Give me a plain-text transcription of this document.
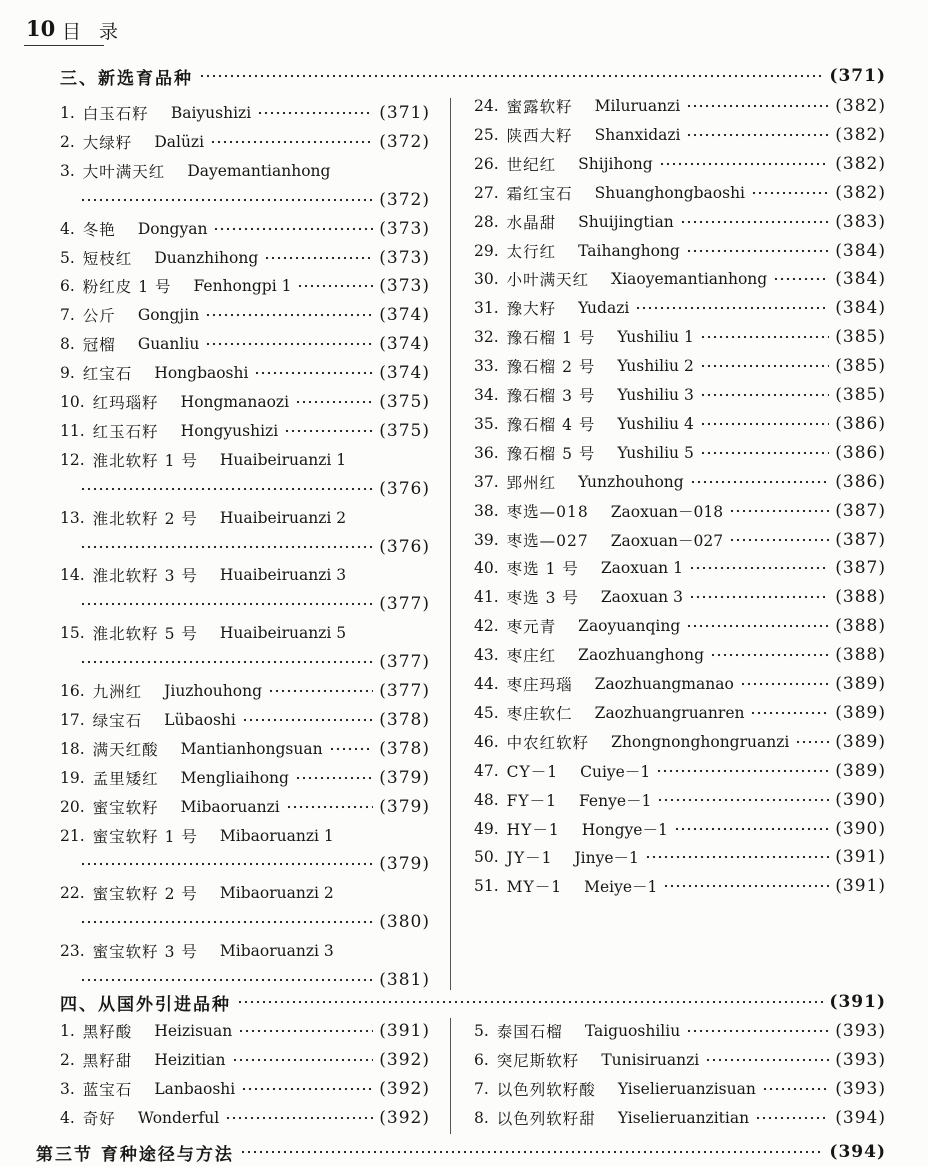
10 目录
三、新选育品种	(371)
1. 白玉石籽 Baiyushizi	(371)
2. 大绿籽 Dalüzi	(372)
3. 大叶满天红 Dayemantianhong
(372)
4. 冬艳 Dongyan	(373)
5. 短枝红 Duanzhihong	(373)
6. 粉红皮 1 号 Fenhongpi 1	(373)
7. 公斤 Gongjin	(374)
8. 冠榴 Guanliu	(374)
9. 红宝石 Hongbaoshi	(374)
10. 红玛瑙籽 Hongmanaozi	(375)
11. 红玉石籽 Hongyushizi	(375)
12. 淮北软籽 1 号 Huaibeiruanzi 1
(376)
13. 淮北软籽 2 号 Huaibeiruanzi 2
(376)
14. 淮北软籽 3 号 Huaibeiruanzi 3
(377)
15. 淮北软籽 5 号 Huaibeiruanzi 5
(377)
16. 九洲红 Jiuzhouhong	(377)
17. 绿宝石 Lübaoshi	(378)
18. 满天红酸 Mantianhongsuan	(378)
19. 孟里矮红 Mengliaihong	(379)
20. 蜜宝软籽 Mibaoruanzi	(379)
21. 蜜宝软籽 1 号 Mibaoruanzi 1
(379)
22. 蜜宝软籽 2 号 Mibaoruanzi 2
(380)
23. 蜜宝软籽 3 号 Mibaoruanzi 3
(381)
24. 蜜露软籽 Miluruanzi	(382)
25. 陕西大籽 Shanxidazi	(382)
26. 世纪红 Shijihong	(382)
27. 霜红宝石 Shuanghongbaoshi	(382)
28. 水晶甜 Shuijingtian	(383)
29. 太行红 Taihanghong	(384)
30. 小叶满天红 Xiaoyemantianhong	(384)
31. 豫大籽 Yudazi	(384)
32. 豫石榴 1 号 Yushiliu 1	(385)
33. 豫石榴 2 号 Yushiliu 2	(385)
34. 豫石榴 3 号 Yushiliu 3	(385)
35. 豫石榴 4 号 Yushiliu 4	(386)
36. 豫石榴 5 号 Yushiliu 5	(386)
37. 郢州红 Yunzhouhong	(386)
38. 枣选—018 Zaoxuan－018	(387)
39. 枣选—027 Zaoxuan－027	(387)
40. 枣选 1 号 Zaoxuan 1	(387)
41. 枣选 3 号 Zaoxuan 3	(388)
42. 枣元青 Zaoyuanqing	(388)
43. 枣庄红 Zaozhuanghong	(388)
44. 枣庄玛瑙 Zaozhuangmanao	(389)
45. 枣庄软仁 Zaozhuangruanren	(389)
46. 中农红软籽 Zhongnonghongruanzi	(389)
47. CY－1 Cuiye－1	(389)
48. FY－1 Fenye－1	(390)
49. HY－1 Hongye－1	(390)
50. JY－1 Jinye－1	(391)
51. MY－1 Meiye－1	(391)
四、从国外引进品种	(391)
1. 黑籽酸 Heizisuan	(391)
2. 黑籽甜 Heizitian	(392)
3. 蓝宝石 Lanbaoshi	(392)
4. 奇好 Wonderful	(392)
5. 泰国石榴 Taiguoshiliu	(393)
6. 突尼斯软籽 Tunisiruanzi	(393)
7. 以色列软籽酸 Yiselieruanzisuan	(393)
8. 以色列软籽甜 Yiselieruanzitian	(394)
第三节 育种途径与方法	(394)
